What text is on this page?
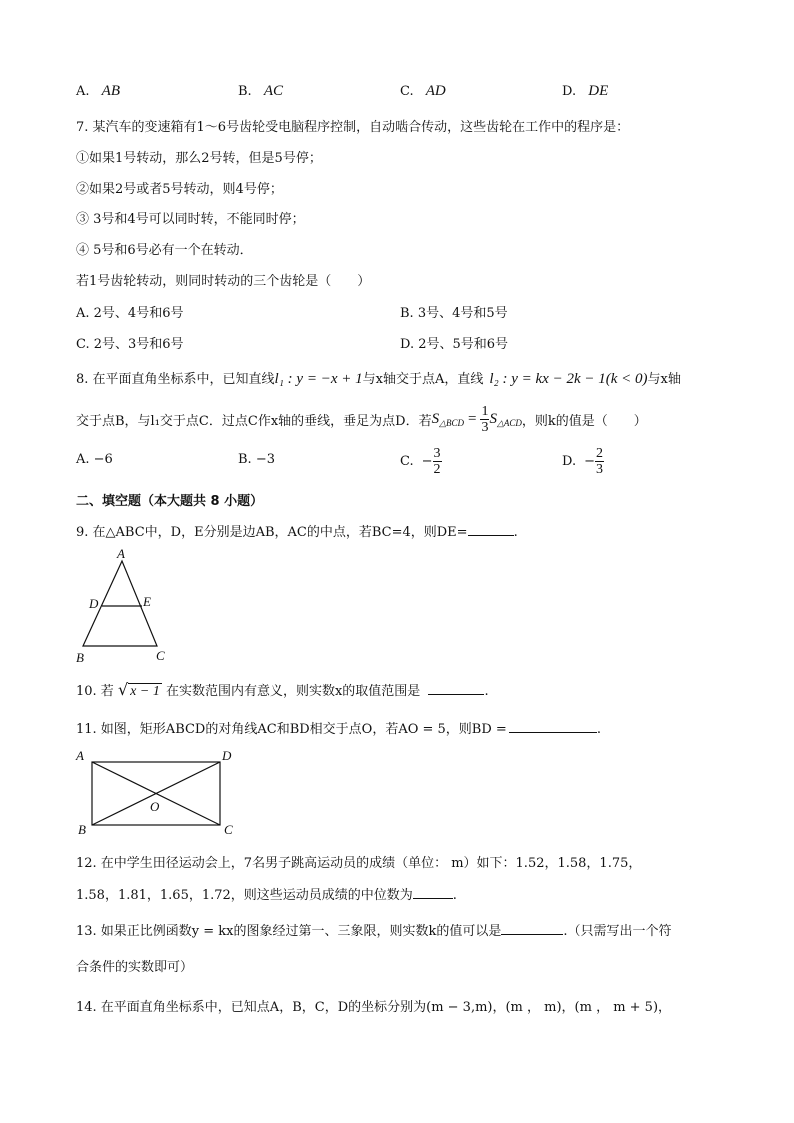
A. AB	B. AC	C. AD	D. DE
7. 某汽车的变速箱有1～6号齿轮受电脑程序控制，自动啮合传动，这些齿轮在工作中的程序是：
①如果1号转动，那么2号转，但是5号停；
②如果2号或者5号转动，则4号停；
③ 3号和4号可以同时转，不能同时停；
④ 5号和6号必有一个在转动．
若1号齿轮转动，则同时转动的三个齿轮是（　　）
A. 2号、4号和6号	B. 3号、4号和5号
C. 2号、3号和6号	D. 2号、5号和6号
8. 在平面直角坐标系中，已知直线l₁ : y = −x + 1与x轴交于点A，直线 l₂ : y = kx − 2k − 1(k < 0)与x轴
交于点B，与l₁交于点C．过点C作x轴的垂线，垂足为点D．若 S △BCD = $\frac{1}{3}$ S △ACD ，则k的值是（　　）
A. −6	B. −3	C. − $\frac{3}{2}$	D. − $\frac{2}{3}$
二、填空题（本大题共 8 小题）
9. 在△ABC中，D，E分别是边AB，AC的中点，若BC=4，则DE=	.
A
D	E
B	C
10. 若 √ x − 1 在实数范围内有意义，则实数x的取值范围是	.
11. 如图，矩形ABCD的对角线AC和BD相交于点O，若AO = 5，则BD =	.
A	D
B	C
O
12. 在中学生田径运动会上，7名男子跳高运动员的成绩（单位： m）如下：1.52，1.58，1.75，
1.58，1.81，1.65，1.72，则这些运动员成绩的中位数为	.
13. 如果正比例函数y = kx的图象经过第一、三象限，则实数k的值可以是	.（只需写出一个符
合条件的实数即可）
14. 在平面直角坐标系中，已知点A，B，C，D的坐标分别为(m − 3,m)，(m ， m)，(m ， m + 5)，
